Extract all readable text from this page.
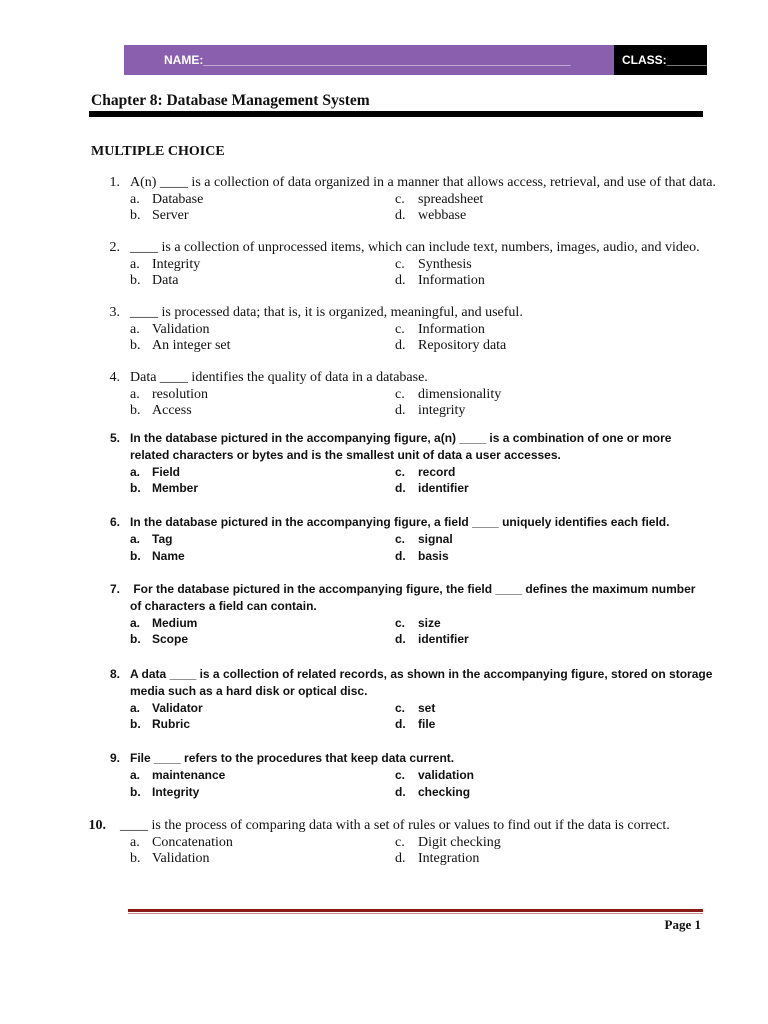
NAME:_______________________________________________________	CLASS:______
Chapter 8: Database Management System
MULTIPLE CHOICE
1. A(n) ____ is a collection of data organized in a manner that allows access, retrieval, and use of that data.
a. Database	c. spreadsheet
b. Server	d. webbase
2. ____ is a collection of unprocessed items, which can include text, numbers, images, audio, and video.
a. Integrity	c. Synthesis
b. Data	d. Information
3. ____ is processed data; that is, it is organized, meaningful, and useful.
a. Validation	c. Information
b. An integer set	d. Repository data
4. Data ____ identifies the quality of data in a database.
a. resolution	c. dimensionality
b. Access	d. integrity
5. In the database pictured in the accompanying figure, a(n) ____ is a combination of one or more
related characters or bytes and is the smallest unit of data a user accesses.
a. Field	c. record
b. Member	d. identifier
6. In the database pictured in the accompanying figure, a field ____ uniquely identifies each field.
a. Tag	c. signal
b. Name	d. basis
7. For the database pictured in the accompanying figure, the field ____ defines the maximum number
of characters a field can contain.
a. Medium	c. size
b. Scope	d. identifier
8. A data ____ is a collection of related records, as shown in the accompanying figure, stored on storage
media such as a hard disk or optical disc.
a. Validator	c. set
b. Rubric	d. file
9. File ____ refers to the procedures that keep data current.
a. maintenance	c. validation
b. Integrity	d. checking
10. ____ is the process of comparing data with a set of rules or values to find out if the data is correct.
a. Concatenation	c. Digit checking
b. Validation	d. Integration
Page 1
